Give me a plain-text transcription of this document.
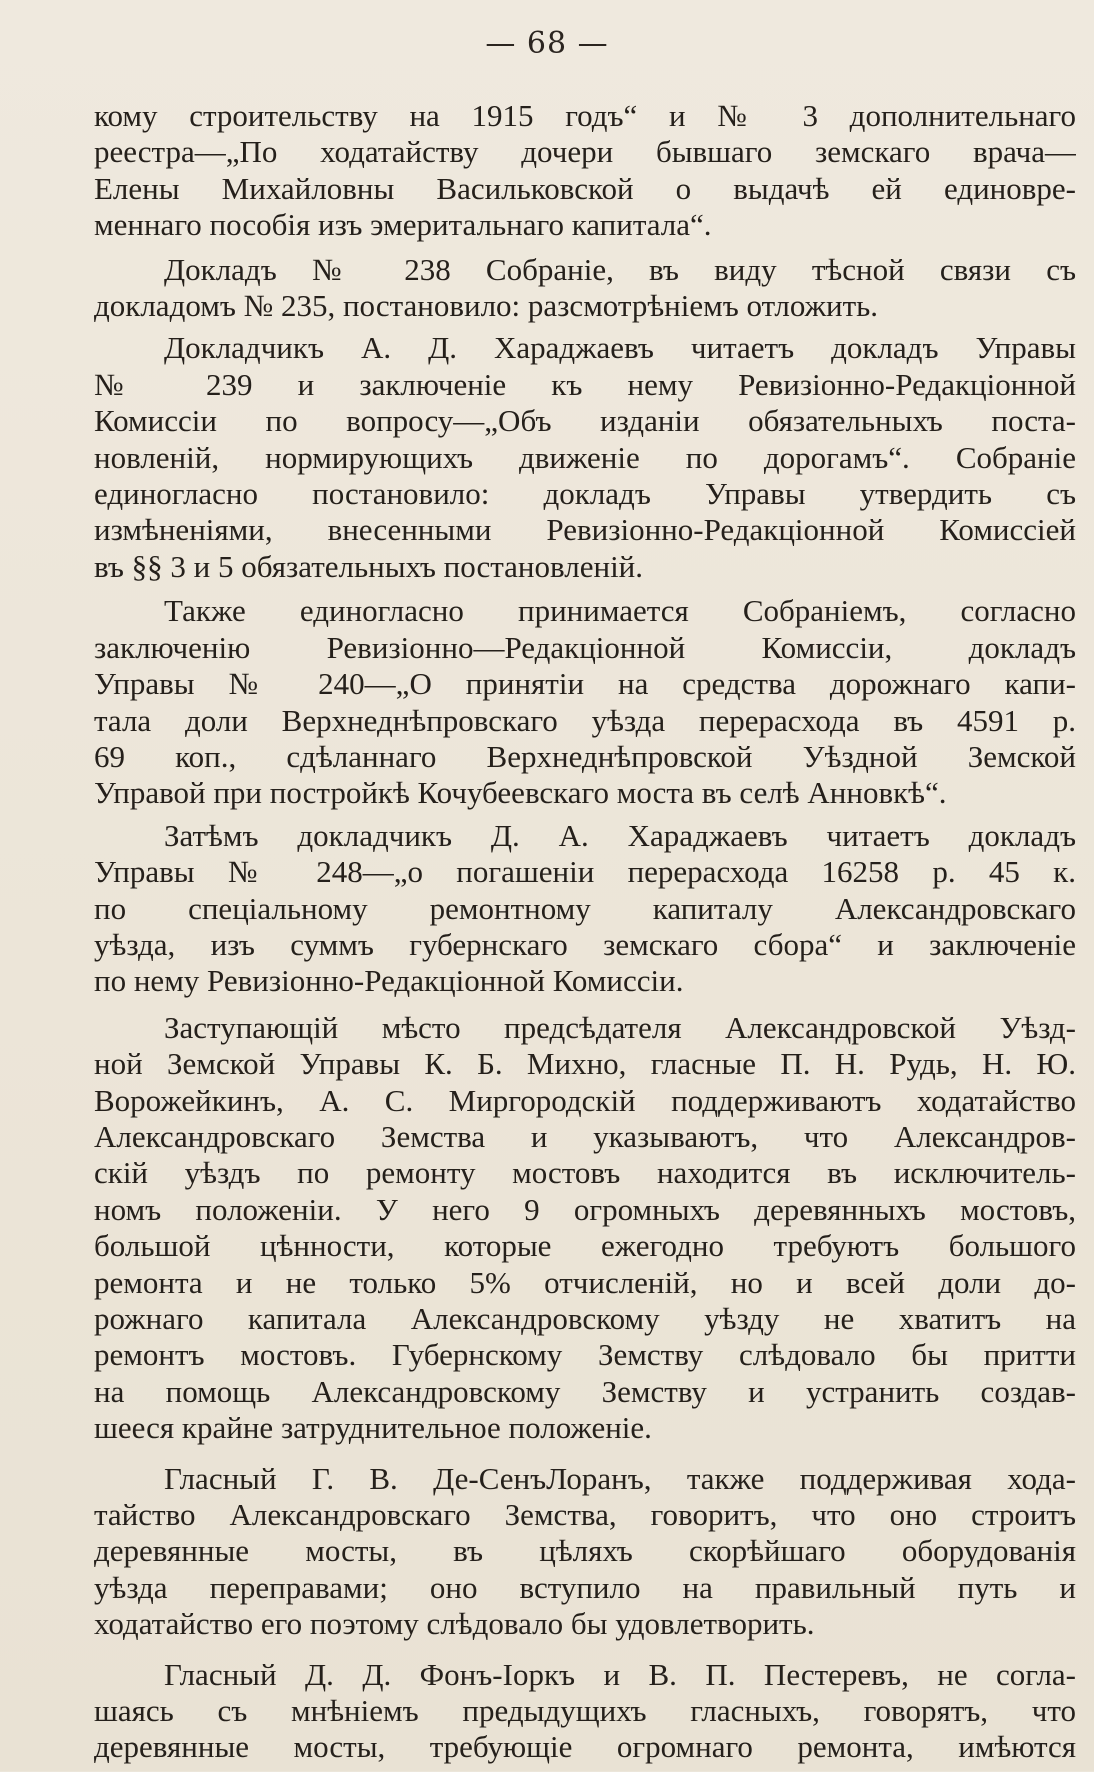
— 68 —
кому строительству на 1915 годъ“ и № 3 дополнительнаго
реестра—„По ходатайству дочери бывшаго земскаго врача—
Елены Михайловны Васильковской о выдачѣ ей единовре-
меннаго пособія изъ эмеритальнаго капитала“.
Докладъ № 238 Собраніе, въ виду тѣсной связи съ
докладомъ № 235, постановило: разсмотрѣніемъ отложить.
Докладчикъ А. Д. Хараджаевъ читаетъ докладъ Управы
№ 239 и заключеніе къ нему Ревизіонно-Редакціонной
Комиссіи по вопросу—„Объ изданіи обязательныхъ поста-
новленій, нормирующихъ движеніе по дорогамъ“. Собраніе
единогласно постановило: докладъ Управы утвердить съ
измѣненіями, внесенными Ревизіонно-Редакціонной Комиссіей
въ §§ 3 и 5 обязательныхъ постановленій.
Также единогласно принимается Собраніемъ, согласно
заключенію Ревизіонно—Редакціонной Комиссіи, докладъ
Управы № 240—„О принятіи на средства дорожнаго капи-
тала доли Верхнеднѣпровскаго уѣзда перерасхода въ 4591 р.
69 коп., сдѣланнаго Верхнеднѣпровской Уѣздной Земской
Управой при постройкѣ Кочубеевскаго моста въ селѣ Анновкѣ“.
Затѣмъ докладчикъ Д. А. Хараджаевъ читаетъ докладъ
Управы № 248—„о погашеніи перерасхода 16258 р. 45 к.
по спеціальному ремонтному капиталу Александровскаго
уѣзда, изъ суммъ губернскаго земскаго сбора“ и заключеніе
по нему Ревизіонно-Редакціонной Комиссіи.
Заступающій мѣсто предсѣдателя Александровской Уѣзд-
ной Земской Управы К. Б. Михно, гласные П. Н. Рудь, Н. Ю.
Ворожейкинъ, А. С. Миргородскій поддерживаютъ ходатайство
Александровскаго Земства и указываютъ, что Александров-
скій уѣздъ по ремонту мостовъ находится въ исключитель-
номъ положеніи. У него 9 огромныхъ деревянныхъ мостовъ,
большой цѣнности, которые ежегодно требуютъ большого
ремонта и не только 5% отчисленій, но и всей доли до-
рожнаго капитала Александровскому уѣзду не хватитъ на
ремонтъ мостовъ. Губернскому Земству слѣдовало бы притти
на помощь Александровскому Земству и устранить создав-
шееся крайне затруднительное положеніе.
Гласный Г. В. Де-СенъЛоранъ, также поддерживая хода-
тайство Александровскаго Земства, говоритъ, что оно строитъ
деревянные мосты, въ цѣляхъ скорѣйшаго оборудованія
уѣзда переправами; оно вступило на правильный путь и
ходатайство его поэтому слѣдовало бы удовлетворить.
Гласный Д. Д. Фонъ-Іоркъ и В. П. Пестеревъ, не согла-
шаясь съ мнѣніемъ предыдущихъ гласныхъ, говорятъ, что
деревянные мосты, требующіе огромнаго ремонта, имѣются
